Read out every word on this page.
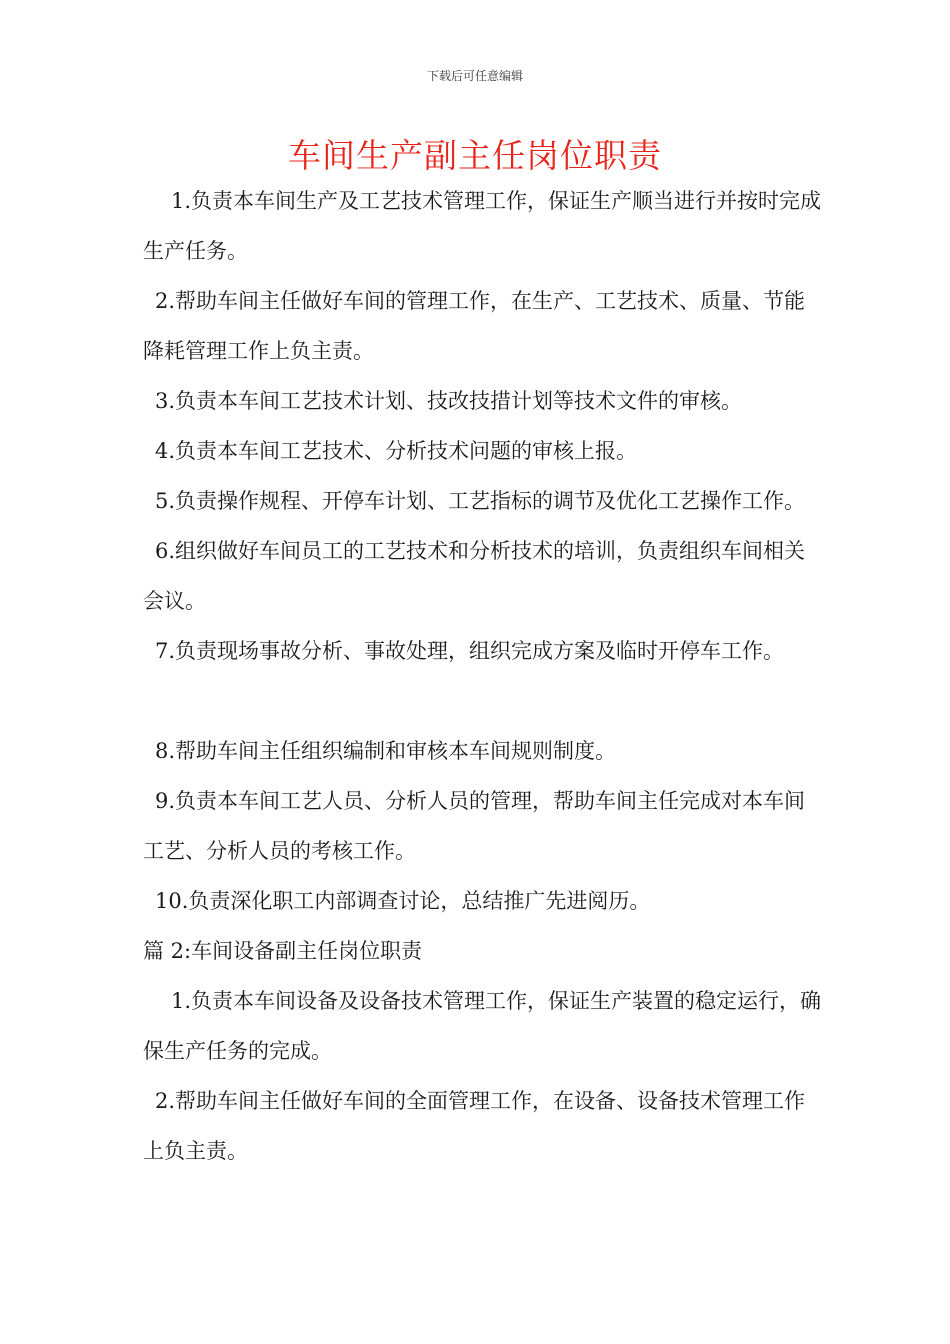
下载后可任意编辑
车间生产副主任岗位职责

1.负责本车间生产及工艺技术管理工作，保证生产顺当进行并按时完成生产任务。

2.帮助车间主任做好车间的管理工作，在生产、工艺技术、质量、节能降耗管理工作上负主责。

3.负责本车间工艺技术计划、技改技措计划等技术文件的审核。

4.负责本车间工艺技术、分析技术问题的审核上报。

5.负责操作规程、开停车计划、工艺指标的调节及优化工艺操作工作。

6.组织做好车间员工的工艺技术和分析技术的培训，负责组织车间相关会议。

7.负责现场事故分析、事故处理，组织完成方案及临时开停车工作。

8.帮助车间主任组织编制和审核本车间规则制度。

9.负责本车间工艺人员、分析人员的管理，帮助车间主任完成对本车间工艺、分析人员的考核工作。

10.负责深化职工内部调查讨论，总结推广先进阅历。

篇 2:车间设备副主任岗位职责

1.负责本车间设备及设备技术管理工作，保证生产装置的稳定运行，确保生产任务的完成。

2.帮助车间主任做好车间的全面管理工作，在设备、设备技术管理工作上负主责。
